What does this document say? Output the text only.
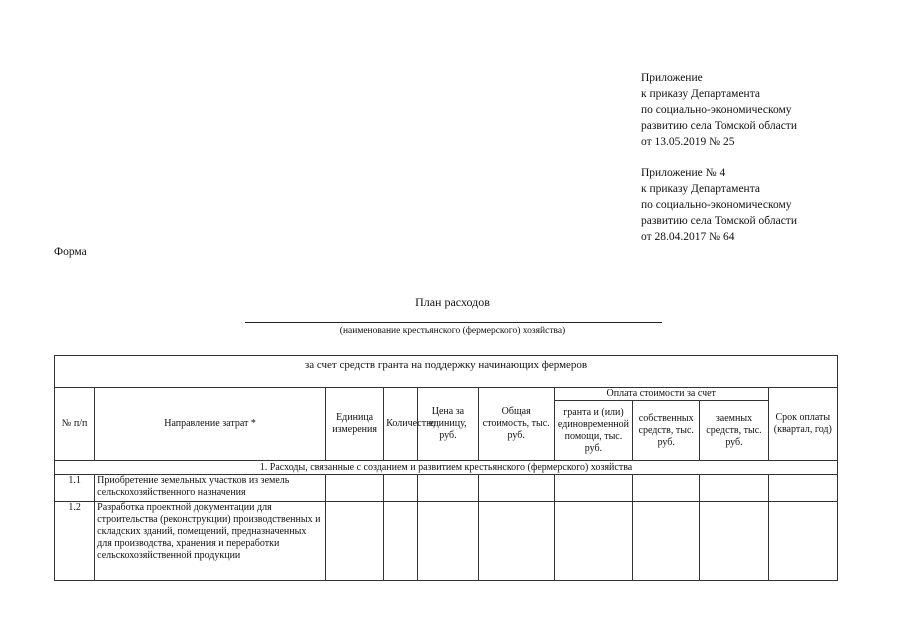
Приложение
к приказу Департамента
по социально-экономическому
развитию села Томской области
от 13.05.2019 № 25
Приложение № 4
к приказу Департамента
по социально-экономическому
развитию села Томской области
от 28.04.2017 № 64
Форма
План расходов
(наименование крестьянского (фермерского) хозяйства)
за счет средств гранта на поддержку начинающих фермеров									
№ п/п	Направление затрат *	Единица измерения	Количество	Цена за единицу, руб.	Общая стоимость, тыс. руб.	Оплата стоимости за счет			Срок оплаты (квартал, год)
						гранта и (или) единовременной помощи, тыс. руб.	собственных средств, тыс. руб.	заемных средств, тыс. руб.	
1. Расходы, связанные с созданием и развитием крестьянского (фермерского) хозяйства									
1.1	Приобретение земельных участков из земель сельскохозяйственного назначения								
1.2	Разработка проектной документации для строительства (реконструкции) производственных и складских зданий, помещений, предназначенных для производства, хранения и переработки сельскохозяйственной продукции								
